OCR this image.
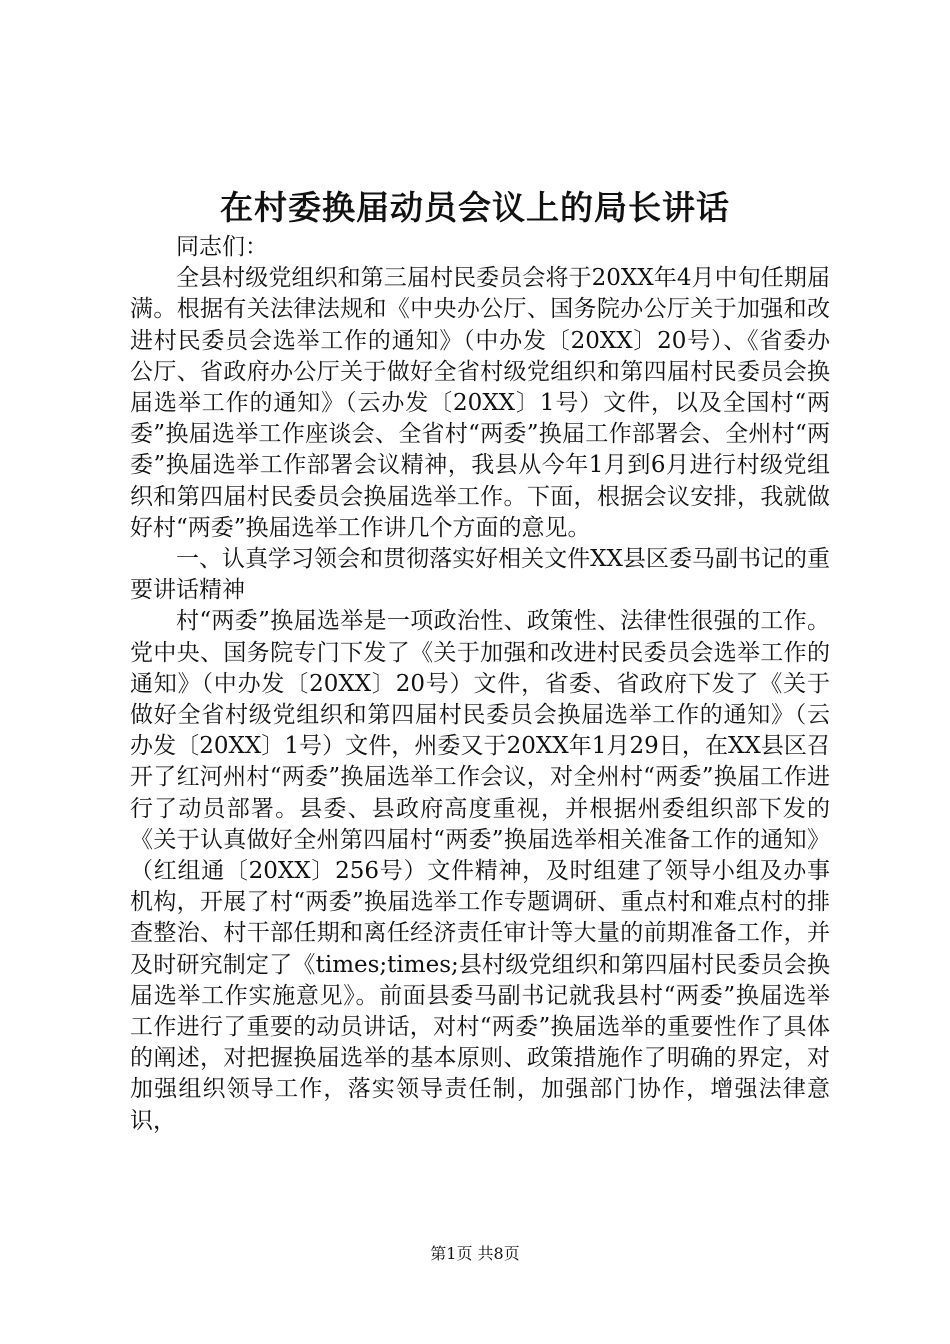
在村委换届动员会议上的局长讲话

同志们：

全县村级党组织和第三届村民委员会将于20XX年4月中旬任期届满。根据有关法律法规和《中央办公厅、国务院办公厅关于加强和改进村民委员会选举工作的通知》（中办发〔20XX〕20号）、《省委办公厅、省政府办公厅关于做好全省村级党组织和第四届村民委员会换届选举工作的通知》（云办发〔20XX〕1号）文件，以及全国村“两委”换届选举工作座谈会、全省村“两委”换届工作部署会、全州村“两委”换届选举工作部署会议精神，我县从今年1月到6月进行村级党组织和第四届村民委员会换届选举工作。下面，根据会议安排，我就做好村“两委”换届选举工作讲几个方面的意见。

一、认真学习领会和贯彻落实好相关文件XX县区委马副书记的重要讲话精神

村“两委”换届选举是一项政治性、政策性、法律性很强的工作。党中央、国务院专门下发了《关于加强和改进村民委员会选举工作的通知》（中办发〔20XX〕20号）文件，省委、省政府下发了《关于做好全省村级党组织和第四届村民委员会换届选举工作的通知》（云办发〔20XX〕1号）文件，州委又于20XX年1月29日，在XX县区召开了红河州村“两委”换届选举工作会议，对全州村“两委”换届工作进行了动员部署。县委、县政府高度重视，并根据州委组织部下发的《关于认真做好全州第四届村“两委”换届选举相关准备工作的通知》（红组通〔20XX〕256号）文件精神，及时组建了领导小组及办事机构，开展了村“两委”换届选举工作专题调研、重点村和难点村的排查整治、村干部任期和离任经济责任审计等大量的前期准备工作，并及时研究制定了《times;times;县村级党组织和第四届村民委员会换届选举工作实施意见》。前面县委马副书记就我县村“两委”换届选举工作进行了重要的动员讲话，对村“两委”换届选举的重要性作了具体的阐述，对把握换届选举的基本原则、政策措施作了明确的界定，对加强组织领导工作，落实领导责任制，加强部门协作，增强法律意识，

第1页 共8页
